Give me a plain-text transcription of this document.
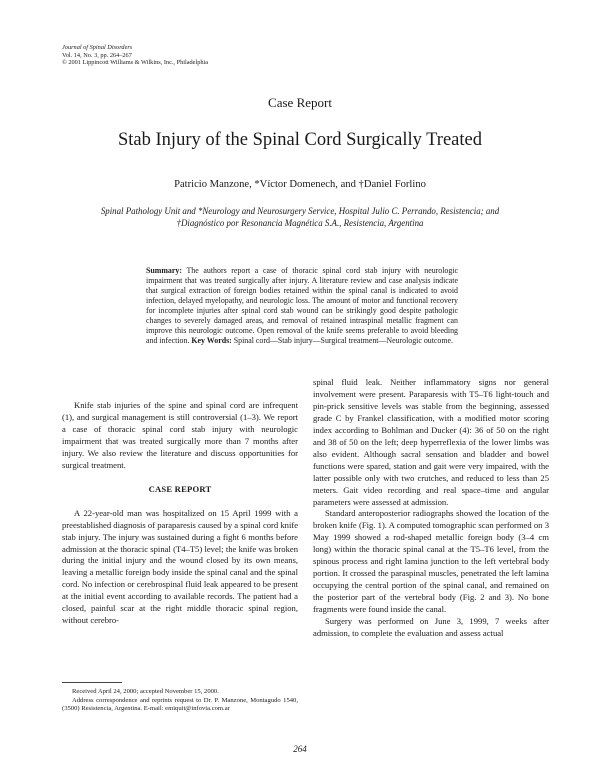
Journal of Spinal Disorders
Vol. 14, No. 3, pp. 264–267
© 2001 Lippincott Williams & Wilkins, Inc., Philadelphia
Case Report
Stab Injury of the Spinal Cord Surgically Treated
Patricio Manzone, *Víctor Domenech, and †Daniel Forlino
Spinal Pathology Unit and *Neurology and Neurosurgery Service, Hospital Julio C. Perrando, Resistencia; and
†Diagnóstico por Resonancia Magnética S.A., Resistencia, Argentina
Summary: The authors report a case of thoracic spinal cord stab injury with neurologic impairment that was treated surgically after injury. A literature review and case analysis indicate that surgical extraction of foreign bodies retained within the spinal canal is indicated to avoid infection, delayed myelopathy, and neurologic loss. The amount of motor and functional recovery for incomplete injuries after spinal cord stab wound can be strikingly good despite pathologic changes to severely damaged areas, and removal of retained intraspinal metallic fragment can improve this neurologic outcome. Open removal of the knife seems preferable to avoid bleeding and infection. Key Words: Spinal cord—Stab injury—Surgical treatment—Neurologic outcome.

Knife stab injuries of the spine and spinal cord are infrequent (1), and surgical management is still controversial (1–3). We report a case of thoracic spinal cord stab injury with neurologic impairment that was treated surgically more than 7 months after injury. We also review the literature and discuss opportunities for surgical treatment.

CASE REPORT

A 22-year-old man was hospitalized on 15 April 1999 with a preestablished diagnosis of paraparesis caused by a spinal cord knife stab injury. The injury was sustained during a fight 6 months before admission at the thoracic spinal (T4–T5) level; the knife was broken during the initial injury and the wound closed by its own means, leaving a metallic foreign body inside the spinal canal and the spinal cord. No infection or cerebrospinal fluid leak appeared to be present at the initial event according to available records. The patient had a closed, painful scar at the right middle thoracic spinal region, without cerebro-

spinal fluid leak. Neither inflammatory signs nor general involvement were present. Paraparesis with T5–T6 light-touch and pin-prick sensitive levels was stable from the beginning, assessed grade C by Frankel classification, with a modified motor scoring index according to Bohlman and Ducker (4): 36 of 50 on the right and 38 of 50 on the left; deep hyperreflexia of the lower limbs was also evident. Although sacral sensation and bladder and bowel functions were spared, station and gait were very impaired, with the latter possible only with two crutches, and reduced to less than 25 meters. Gait video recording and real space–time and angular parameters were assessed at admission.

Standard anteroposterior radiographs showed the location of the broken knife (Fig. 1). A computed tomographic scan performed on 3 May 1999 showed a rod-shaped metallic foreign body (3–4 cm long) within the thoracic spinal canal at the T5–T6 level, from the spinous process and right lamina junction to the left vertebral body portion. It crossed the paraspinal muscles, penetrated the left lamina occupying the central portion of the spinal canal, and remained on the posterior part of the vertebral body (Fig. 2 and 3). No bone fragments were found inside the canal.

Surgery was performed on June 3, 1999, 7 weeks after admission, to complete the evaluation and assess actual

Received April 24, 2000; accepted November 15, 2000.

Address correspondence and reprints request to Dr. P. Manzone, Montagudo 1540, (3500) Resistencia, Argentina. E-mail: emiquit@infovia.com.ar

264
